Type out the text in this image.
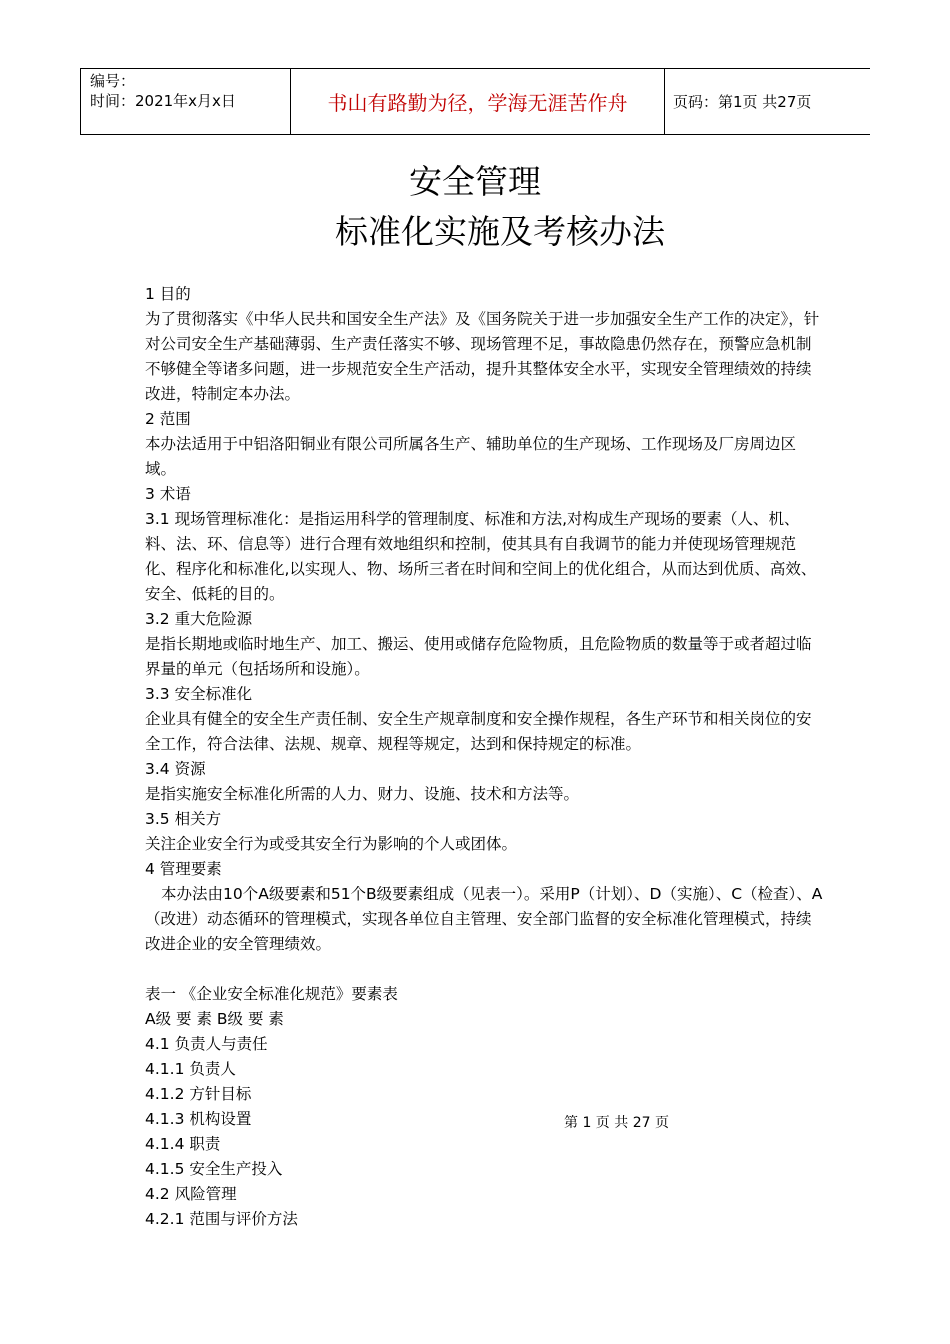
编号：
时间：2021年x月x日	书山有路勤为径，学海无涯苦作舟	页码：第1页 共27页
安全管理
标准化实施及考核办法

1 目的

为了贯彻落实《中华人民共和国安全生产法》及《国务院关于进一步加强安全生产工作的决定》，针对公司安全生产基础薄弱、生产责任落实不够、现场管理不足，事故隐患仍然存在，预警应急机制不够健全等诸多问题，进一步规范安全生产活动，提升其整体安全水平，实现安全管理绩效的持续改进，特制定本办法。

2 范围

本办法适用于中铝洛阳铜业有限公司所属各生产、辅助单位的生产现场、工作现场及厂房周边区域。

3 术语

3.1 现场管理标准化：是指运用科学的管理制度、标准和方法,对构成生产现场的要素（人、机、料、法、环、信息等）进行合理有效地组织和控制，使其具有自我调节的能力并使现场管理规范化、程序化和标准化,以实现人、物、场所三者在时间和空间上的优化组合，从而达到优质、高效、安全、低耗的目的。

3.2 重大危险源

是指长期地或临时地生产、加工、搬运、使用或储存危险物质，且危险物质的数量等于或者超过临界量的单元（包括场所和设施）。

3.3 安全标准化

企业具有健全的安全生产责任制、安全生产规章制度和安全操作规程，各生产环节和相关岗位的安全工作，符合法律、法规、规章、规程等规定，达到和保持规定的标准。

3.4 资源

是指实施安全标准化所需的人力、财力、设施、技术和方法等。

3.5 相关方

关注企业安全行为或受其安全行为影响的个人或团体。

4 管理要素

本办法由10个A级要素和51个B级要素组成（见表一）。采用P（计划）、D（实施）、C（检查）、A（改进）动态循环的管理模式，实现各单位自主管理、安全部门监督的安全标准化管理模式，持续改进企业的安全管理绩效。

表一 《企业安全标准化规范》要素表

A级 要 素 B级 要 素

4.1 负责人与责任

4.1.1 负责人

4.1.2 方针目标

4.1.3 机构设置

4.1.4 职责

4.1.5 安全生产投入

4.2 风险管理

4.2.1 范围与评价方法

第 1 页 共 27 页
